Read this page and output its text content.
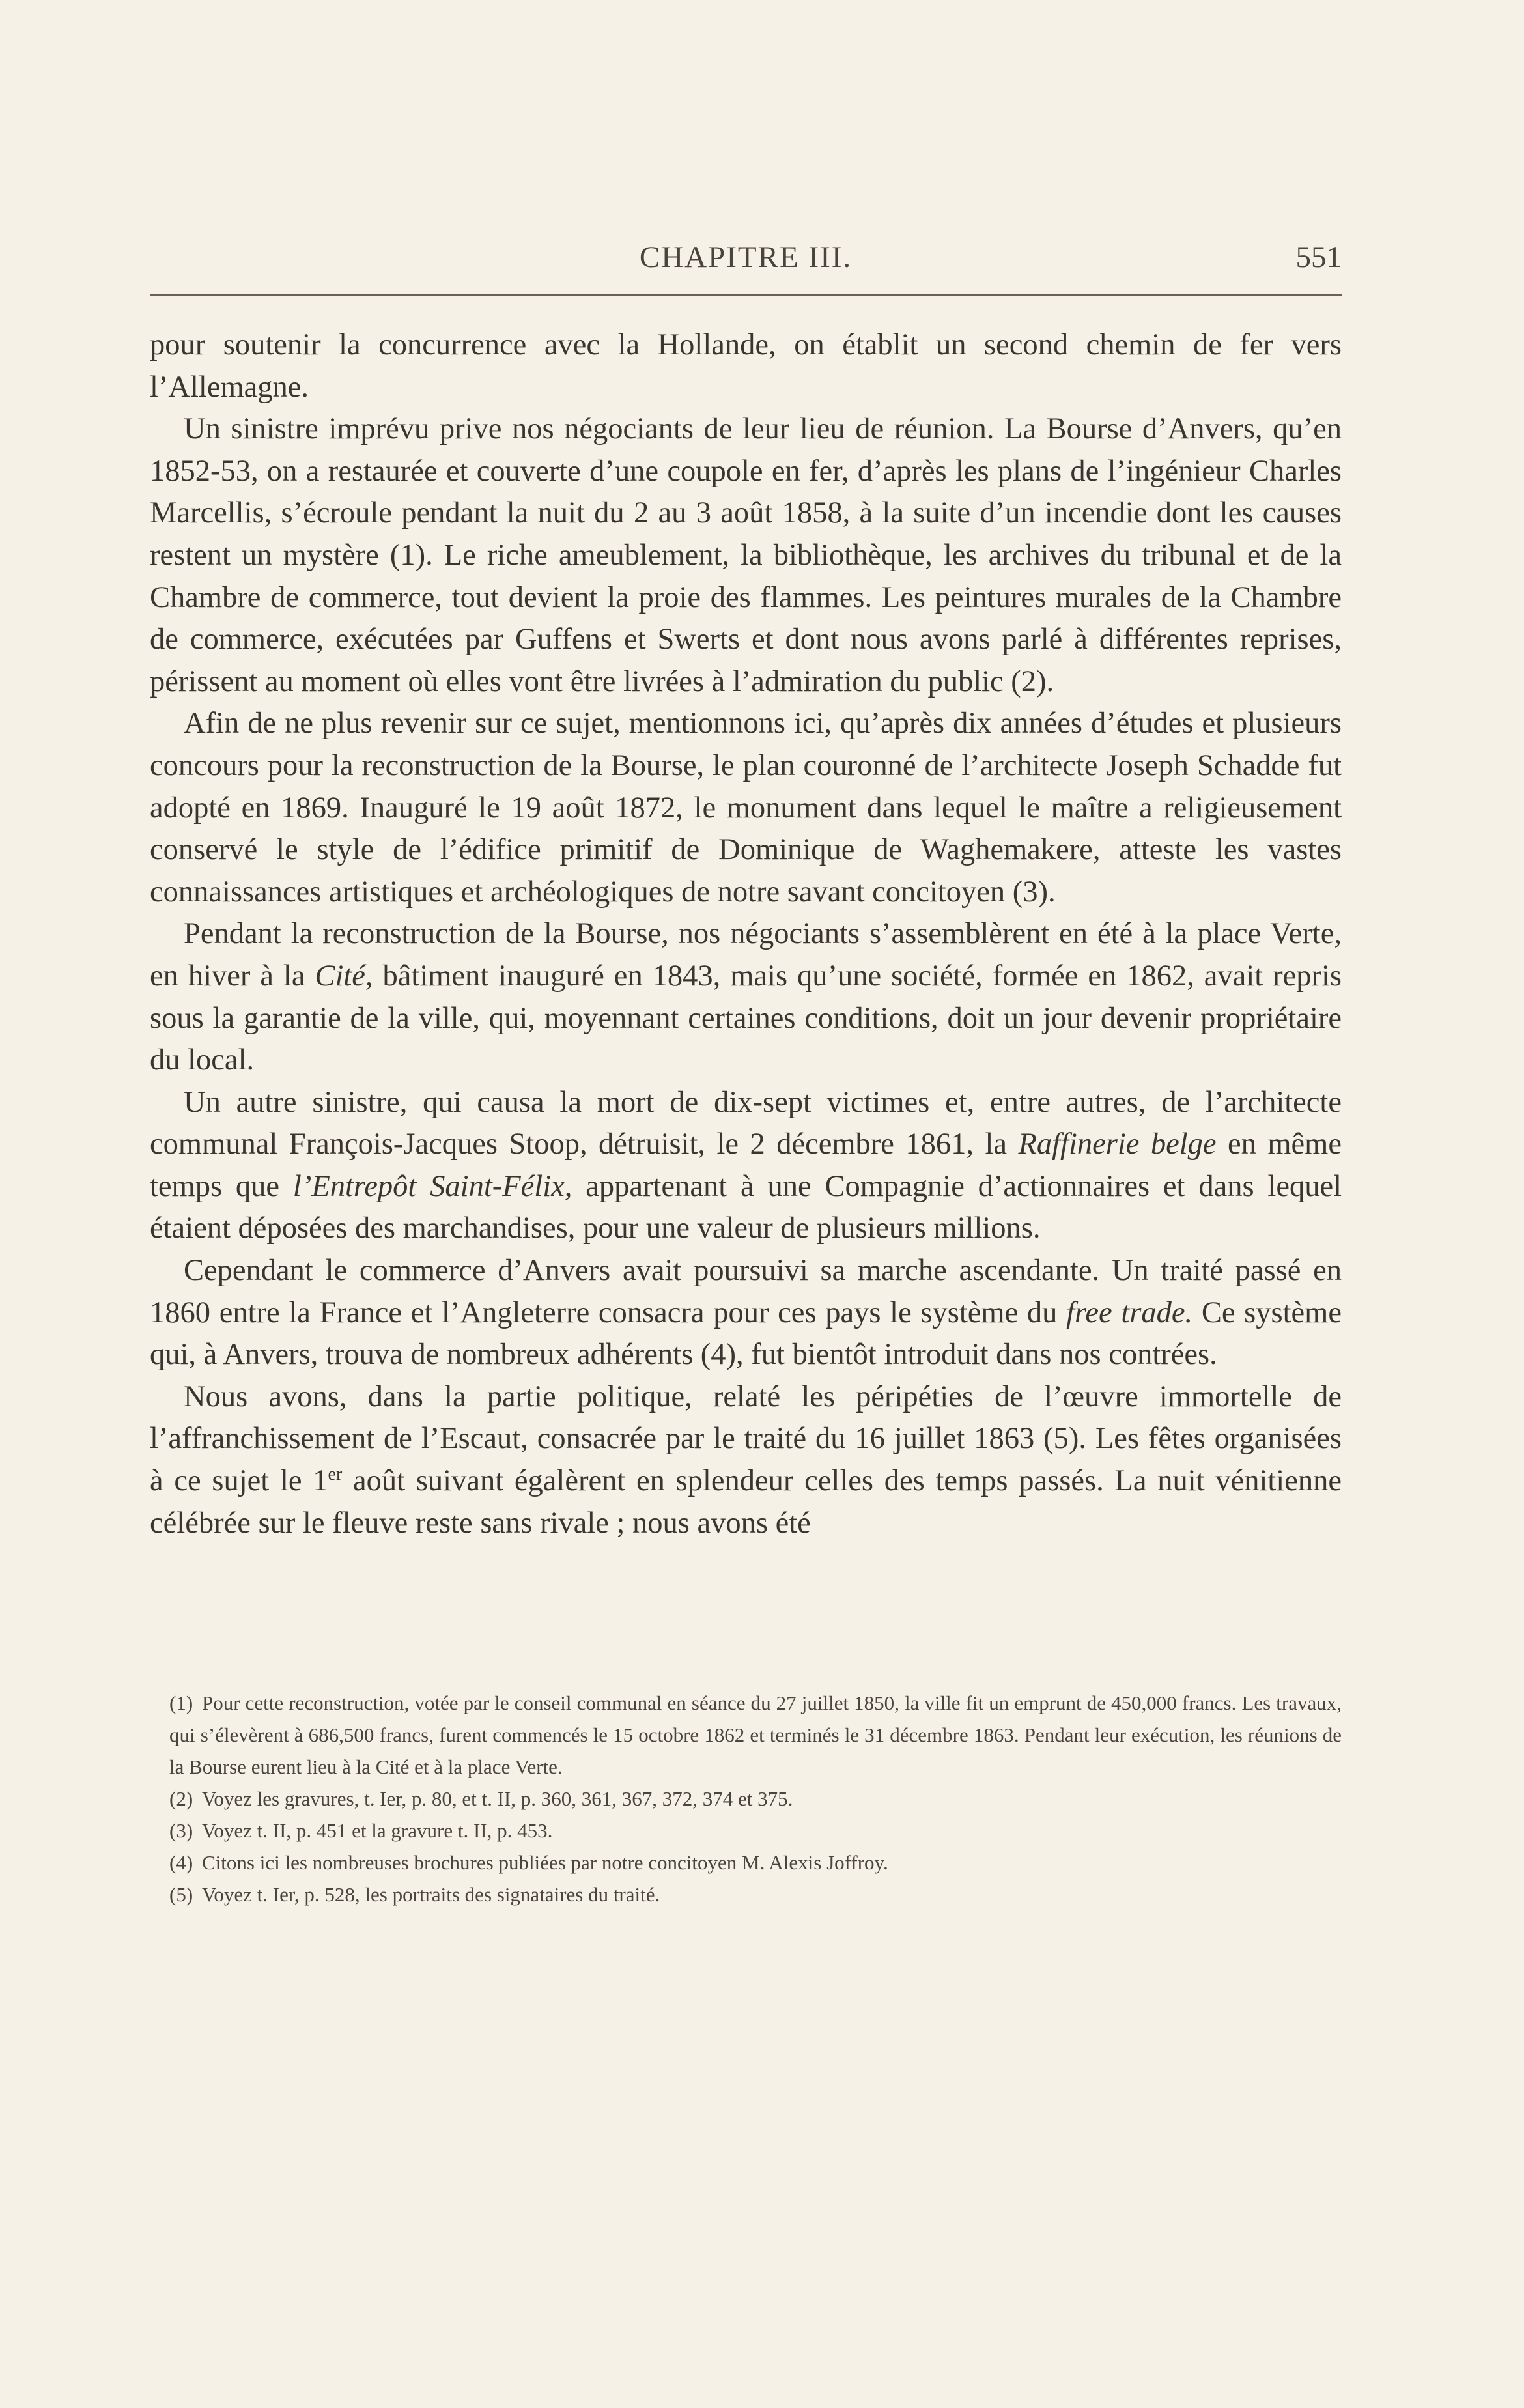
CHAPITRE III.	551

pour soutenir la concurrence avec la Hollande, on établit un second chemin de fer vers l’Allemagne.

Un sinistre imprévu prive nos négociants de leur lieu de réunion. La Bourse d’Anvers, qu’en 1852-53, on a restaurée et couverte d’une coupole en fer, d’après les plans de l’ingénieur Charles Marcellis, s’écroule pendant la nuit du 2 au 3 août 1858, à la suite d’un incendie dont les causes restent un mystère (1). Le riche ameublement, la bibliothèque, les archives du tribunal et de la Chambre de commerce, tout devient la proie des flammes. Les peintures murales de la Chambre de commerce, exécutées par Guffens et Swerts et dont nous avons parlé à différentes reprises, périssent au moment où elles vont être livrées à l’admiration du public (2).

Afin de ne plus revenir sur ce sujet, mentionnons ici, qu’après dix années d’études et plusieurs concours pour la reconstruction de la Bourse, le plan couronné de l’architecte Joseph Schadde fut adopté en 1869. Inauguré le 19 août 1872, le monument dans lequel le maître a religieusement conservé le style de l’édifice primitif de Dominique de Waghemakere, atteste les vastes connaissances artistiques et archéologiques de notre savant concitoyen (3).

Pendant la reconstruction de la Bourse, nos négociants s’assemblèrent en été à la place Verte, en hiver à la Cité, bâtiment inauguré en 1843, mais qu’une société, formée en 1862, avait repris sous la garantie de la ville, qui, moyennant certaines conditions, doit un jour devenir propriétaire du local.

Un autre sinistre, qui causa la mort de dix-sept victimes et, entre autres, de l’architecte communal François-Jacques Stoop, détruisit, le 2 décembre 1861, la Raffinerie belge en même temps que l’Entrepôt Saint-Félix, appartenant à une Compagnie d’actionnaires et dans lequel étaient déposées des marchandises, pour une valeur de plusieurs millions.

Cependant le commerce d’Anvers avait poursuivi sa marche ascendante. Un traité passé en 1860 entre la France et l’Angleterre consacra pour ces pays le système du free trade. Ce système qui, à Anvers, trouva de nombreux adhérents (4), fut bientôt introduit dans nos contrées.

Nous avons, dans la partie politique, relaté les péripéties de l’œuvre immortelle de l’affranchissement de l’Escaut, consacrée par le traité du 16 juillet 1863 (5). Les fêtes organisées à ce sujet le 1er août suivant égalèrent en splendeur celles des temps passés. La nuit vénitienne célébrée sur le fleuve reste sans rivale ; nous avons été

(1) Pour cette reconstruction, votée par le conseil communal en séance du 27 juillet 1850, la ville fit un emprunt de 450,000 francs. Les travaux, qui s’élevèrent à 686,500 francs, furent commencés le 15 octobre 1862 et terminés le 31 décembre 1863. Pendant leur exécution, les réunions de la Bourse eurent lieu à la Cité et à la place Verte.

(2) Voyez les gravures, t. Ier, p. 80, et t. II, p. 360, 361, 367, 372, 374 et 375.

(3) Voyez t. II, p. 451 et la gravure t. II, p. 453.

(4) Citons ici les nombreuses brochures publiées par notre concitoyen M. Alexis Joffroy.

(5) Voyez t. Ier, p. 528, les portraits des signataires du traité.
